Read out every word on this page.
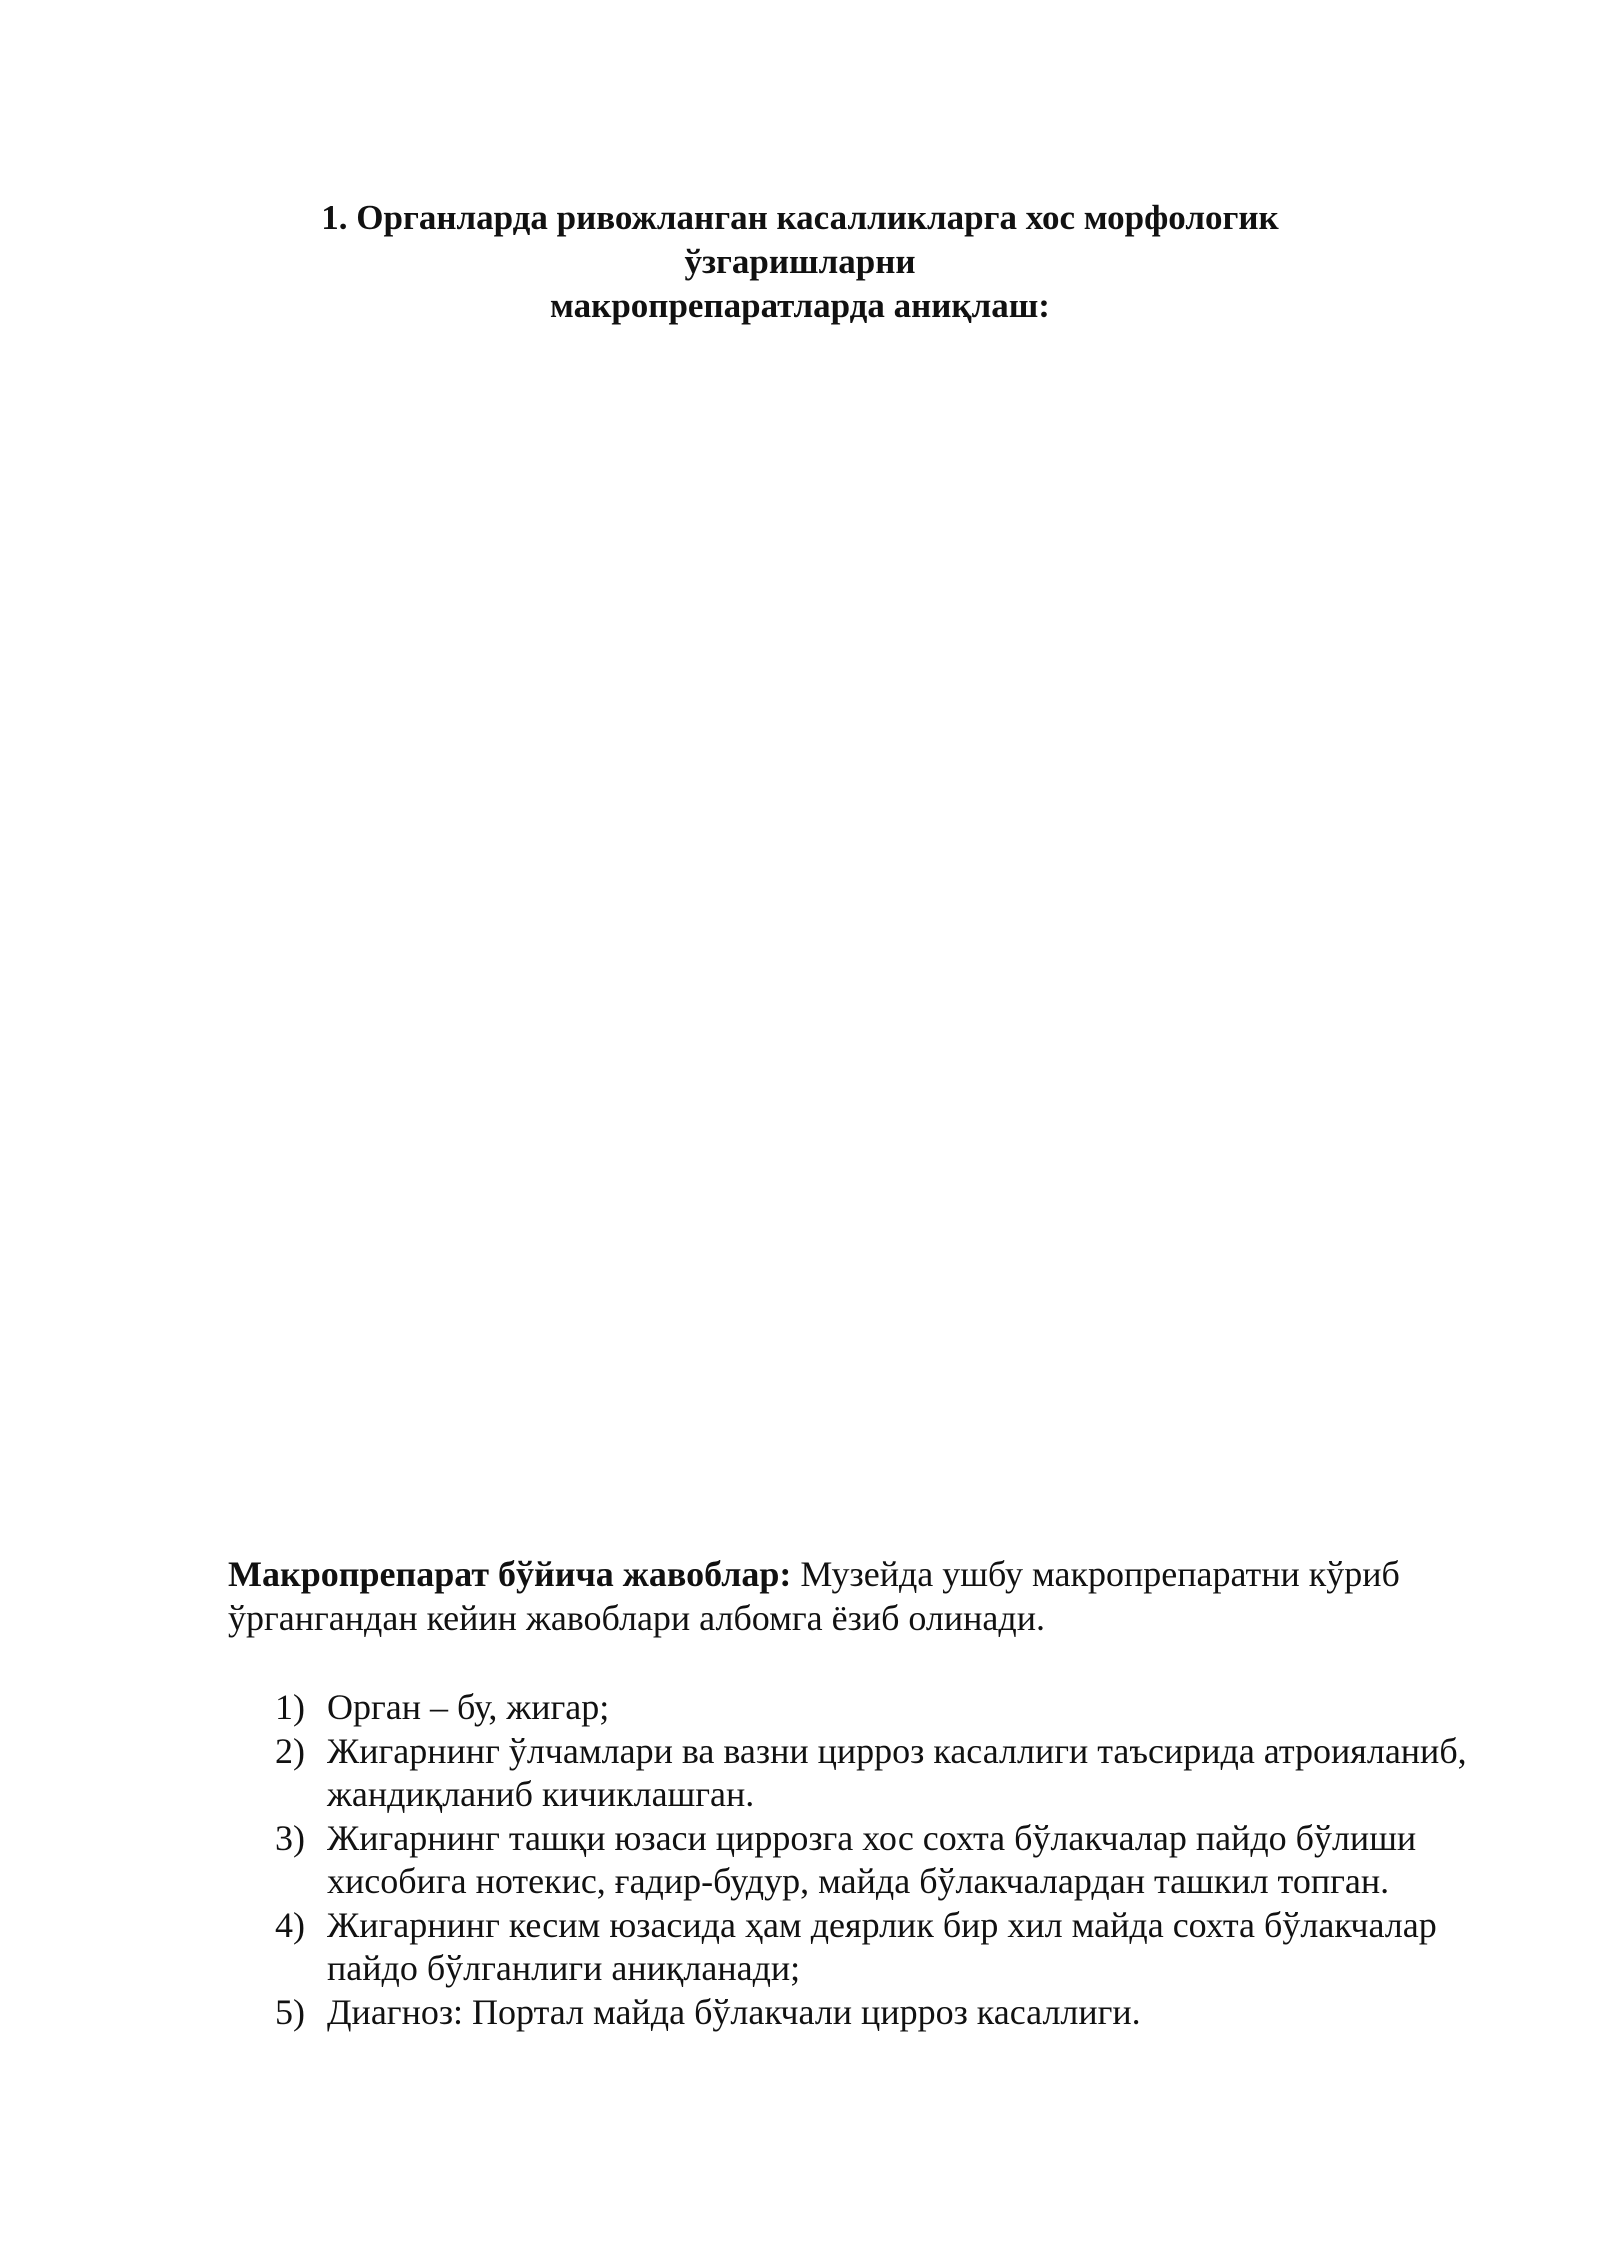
1. Органларда ривожланган касалликларга хос морфологик
ўзгаришларни
макропрепаратларда аниқлаш:
Макропрепарат бўйича жавоблар: Музейда ушбу макропрепаратни кўриб ўргангандан кейин жавоблари албомга ёзиб олинади.
1) Орган – бу, жигар;
2) Жигарнинг ўлчамлари ва вазни цирроз касаллиги таъсирида атроияланиб, жандиқланиб кичиклашган.
3) Жигарнинг ташқи юзаси циррозга хос сохта бўлакчалар пайдо бўлиши хисобига нотекис, ғадир-будур, майда бўлакчалардан ташкил топган.
4) Жигарнинг кесим юзасида ҳам деярлик бир хил майда сохта бўлакчалар пайдо бўлганлиги аниқланади;
5) Диагноз: Портал майда бўлакчали цирроз касаллиги.
